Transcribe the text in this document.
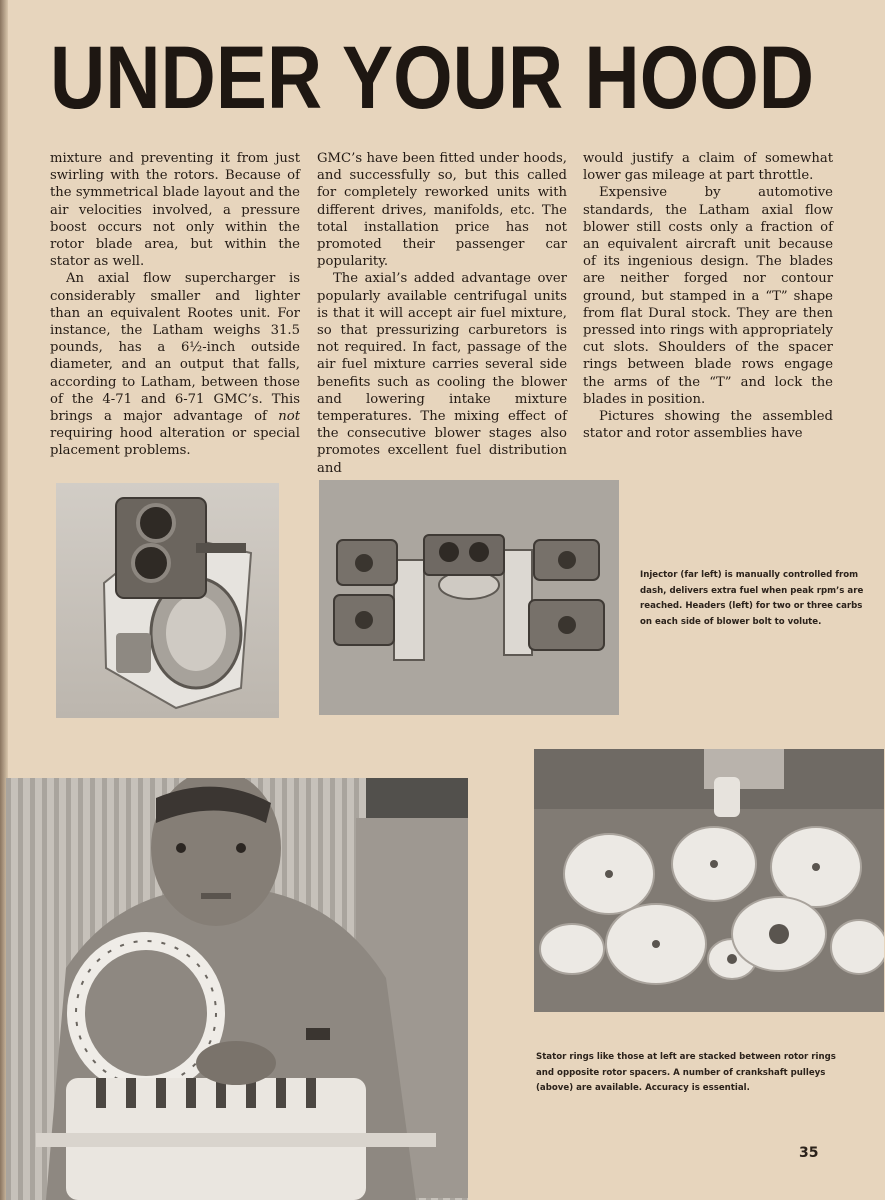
UNDER YOUR HOOD

mixture and preventing it from just swirling with the rotors. Because of the symmetrical blade layout and the air velocities involved, a pressure boost occurs not only within the rotor blade area, but within the stator as well.

An axial flow supercharger is considerably smaller and lighter than an equivalent Rootes unit. For instance, the Latham weighs 31.5 pounds, has a 6½-inch outside diameter, and an output that falls, according to Latham, between those of the 4-71 and 6-71 GMC’s. This brings a major advantage of not requiring hood alteration or special placement problems.

GMC’s have been fitted under hoods, and successfully so, but this called for completely reworked units with different drives, manifolds, etc. The total installation price has not promoted their passenger car popularity.

The axial’s added advantage over popularly available centrifugal units is that it will accept air fuel mixture, so that pressurizing carburetors is not required. In fact, passage of the air fuel mixture carries several side benefits such as cooling the blower and lowering intake mixture temperatures. The mixing effect of the consecutive blower stages also promotes excellent fuel distribution and

would justify a claim of somewhat lower gas mileage at part throttle.

Expensive by automotive standards, the Latham axial flow blower still costs only a fraction of an equivalent aircraft unit because of its ingenious design. The blades are neither forged nor contour ground, but stamped in a “T” shape from flat Dural stock. They are then pressed into rings with appropriately cut slots. Shoulders of the spacer rings between blade rows engage the arms of the “T” and lock the blades in position.

Pictures showing the assembled stator and rotor assemblies have

Injector (far left) is manually controlled from dash, delivers extra fuel when peak rpm’s are reached. Headers (left) for two or three carbs on each side of blower bolt to volute.
Stator rings like those at left are stacked between rotor rings and opposite rotor spacers. A number of crankshaft pulleys (above) are available. Accuracy is essential.
35
